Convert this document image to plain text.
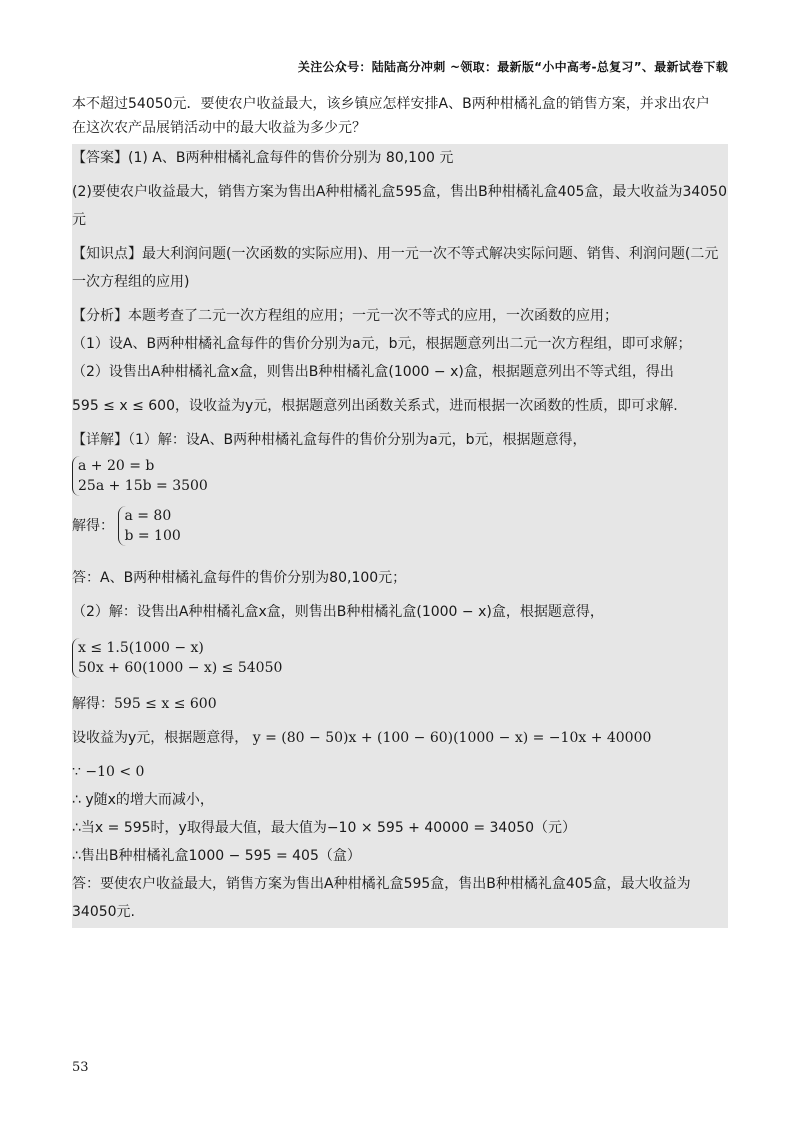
关注公众号：陆陆高分冲刺 ~领取：最新版“小中高考-总复习”、最新试卷下载

本不超过54050元．要使农户收益最大，该乡镇应怎样安排A、B两种柑橘礼盒的销售方案，并求出农户

在这次农产品展销活动中的最大收益为多少元？

【答案】(1) A、B两种柑橘礼盒每件的售价分别为 80,100 元
(2)要使农户收益最大，销售方案为售出A种柑橘礼盒595盒，售出B种柑橘礼盒405盒，最大收益为34050
元
【知识点】最大利润问题(一次函数的实际应用)、用一元一次不等式解决实际问题、销售、利润问题(二元
一次方程组的应用)
【分析】本题考查了二元一次方程组的应用；一元一次不等式的应用，一次函数的应用；
（1）设A、B两种柑橘礼盒每件的售价分别为a元，b元，根据题意列出二元一次方程组，即可求解；
（2）设售出A种柑橘礼盒x盒，则售出B种柑橘礼盒(1000 − x)盒，根据题意列出不等式组，得出
595 ≤ x ≤ 600，设收益为y元，根据题意列出函数关系式，进而根据一次函数的性质，即可求解.
【详解】（1）解：设A、B两种柑橘礼盒每件的售价分别为a元，b元，根据题意得，
a + 20 = b
25a + 15b = 3500
解得：
a = 80
b = 100
答：A、B两种柑橘礼盒每件的售价分别为80,100元；
（2）解：设售出A种柑橘礼盒x盒，则售出B种柑橘礼盒(1000 − x)盒，根据题意得，
x ≤ 1.5(1000 − x)
50x + 60(1000 − x) ≤ 54050
解得：595 ≤ x ≤ 600
设收益为y元，根据题意得， y = (80 − 50)x + (100 − 60)(1000 − x) = −10x + 40000
∵ −10 < 0
∴ y随x的增大而减小，
∴当x = 595时，y取得最大值，最大值为−10 × 595 + 40000 = 34050（元）
∴售出B种柑橘礼盒1000 − 595 = 405（盒）
答：要使农户收益最大，销售方案为售出A种柑橘礼盒595盒，售出B种柑橘礼盒405盒，最大收益为
34050元.
53
